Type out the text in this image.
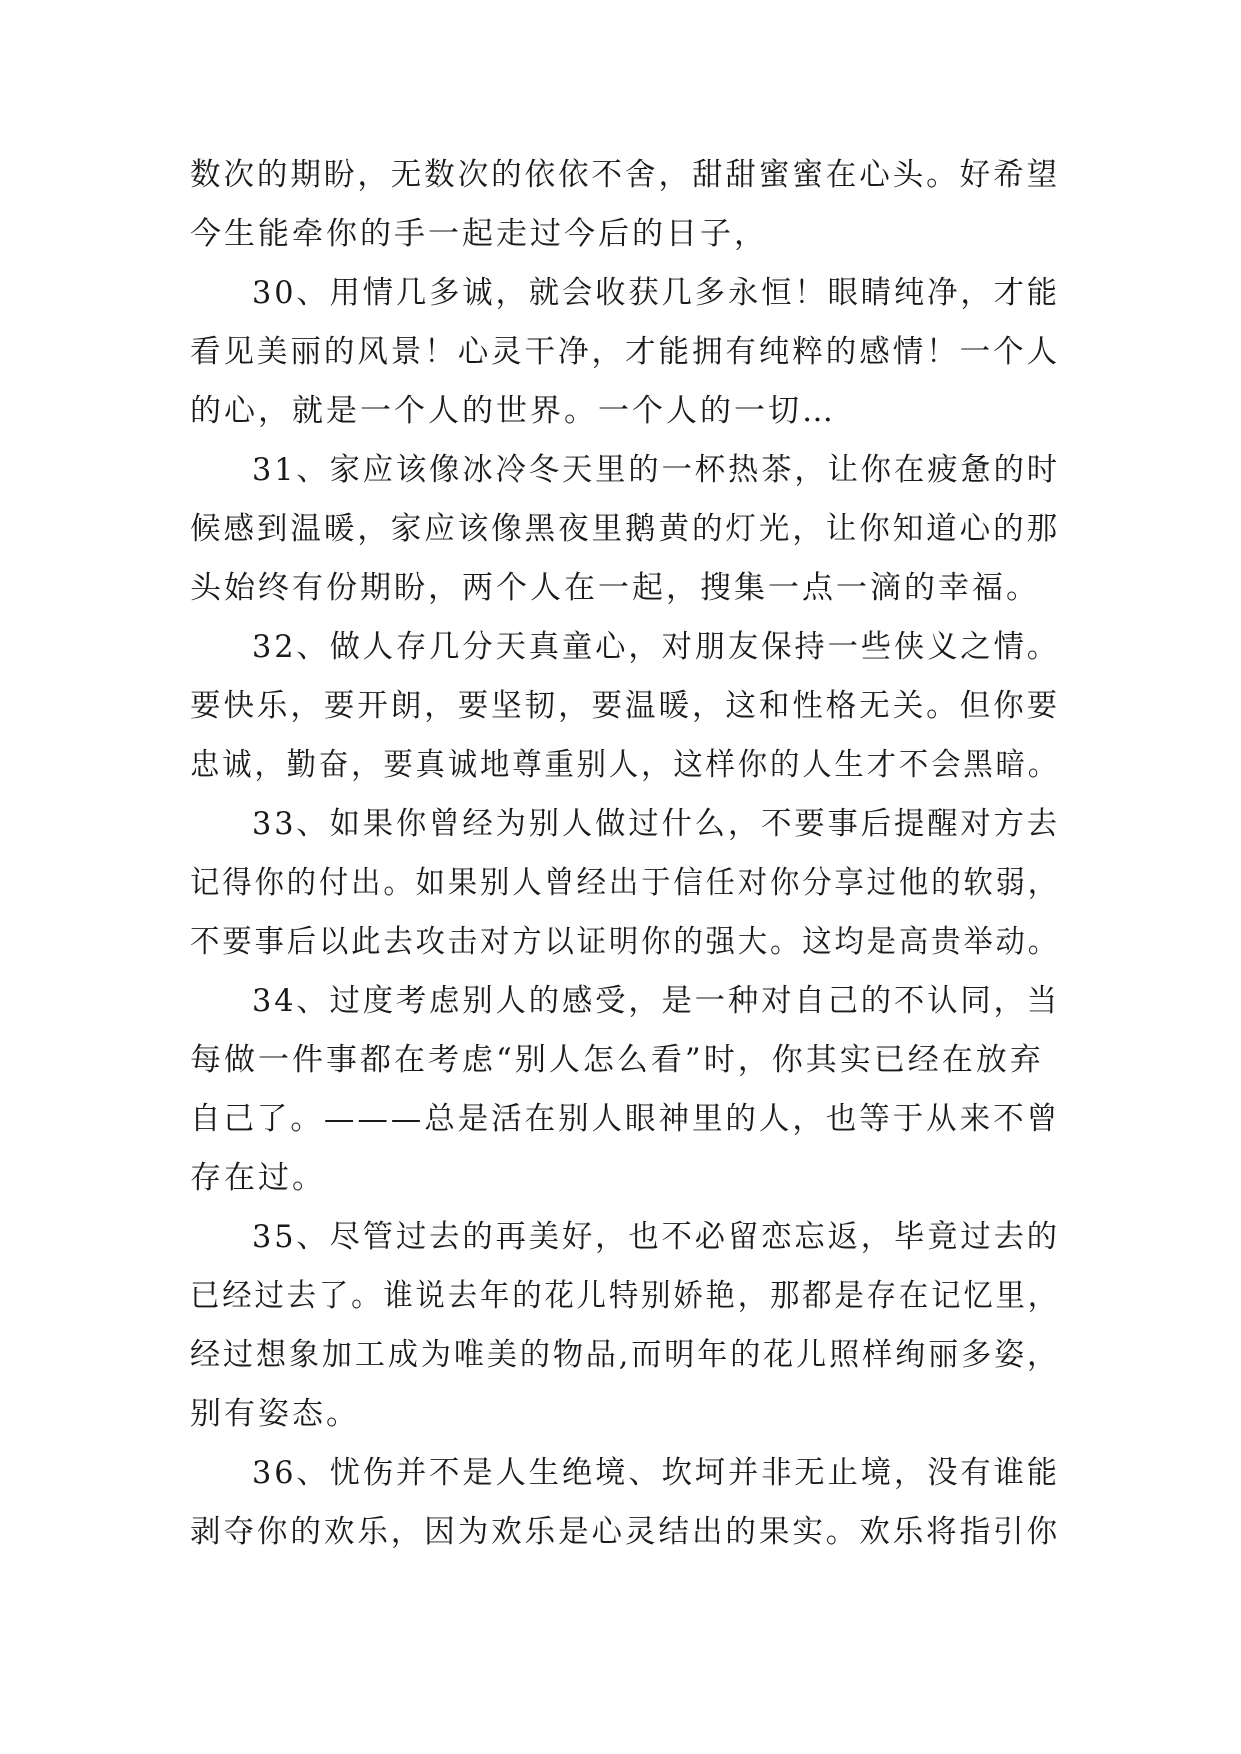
数次的期盼，无数次的依依不舍，甜甜蜜蜜在心头。好希望
今生能牵你的手一起走过今后的日子，
30、用情几多诚，就会收获几多永恒！眼睛纯净，才能
看见美丽的风景！心灵干净，才能拥有纯粹的感情！一个人
的心，就是一个人的世界。一个人的一切…
31、家应该像冰冷冬天里的一杯热茶，让你在疲惫的时
候感到温暖，家应该像黑夜里鹅黄的灯光，让你知道心的那
头始终有份期盼，两个人在一起，搜集一点一滴的幸福。
32、做人存几分天真童心，对朋友保持一些侠义之情。
要快乐，要开朗，要坚韧，要温暖，这和性格无关。但你要
忠诚，勤奋，要真诚地尊重别人，这样你的人生才不会黑暗。
33、如果你曾经为别人做过什么，不要事后提醒对方去
记得你的付出。如果别人曾经出于信任对你分享过他的软弱，
不要事后以此去攻击对方以证明你的强大。这均是高贵举动。
34、过度考虑别人的感受，是一种对自己的不认同，当
每做一件事都在考虑“别人怎么看”时，你其实已经在放弃
自己了。———总是活在别人眼神里的人，也等于从来不曾
存在过。
35、尽管过去的再美好，也不必留恋忘返，毕竟过去的
已经过去了。谁说去年的花儿特别娇艳，那都是存在记忆里，
经过想象加工成为唯美的物品,而明年的花儿照样绚丽多姿，
别有姿态。
36、忧伤并不是人生绝境、坎坷并非无止境，没有谁能
剥夺你的欢乐，因为欢乐是心灵结出的果实。欢乐将指引你
